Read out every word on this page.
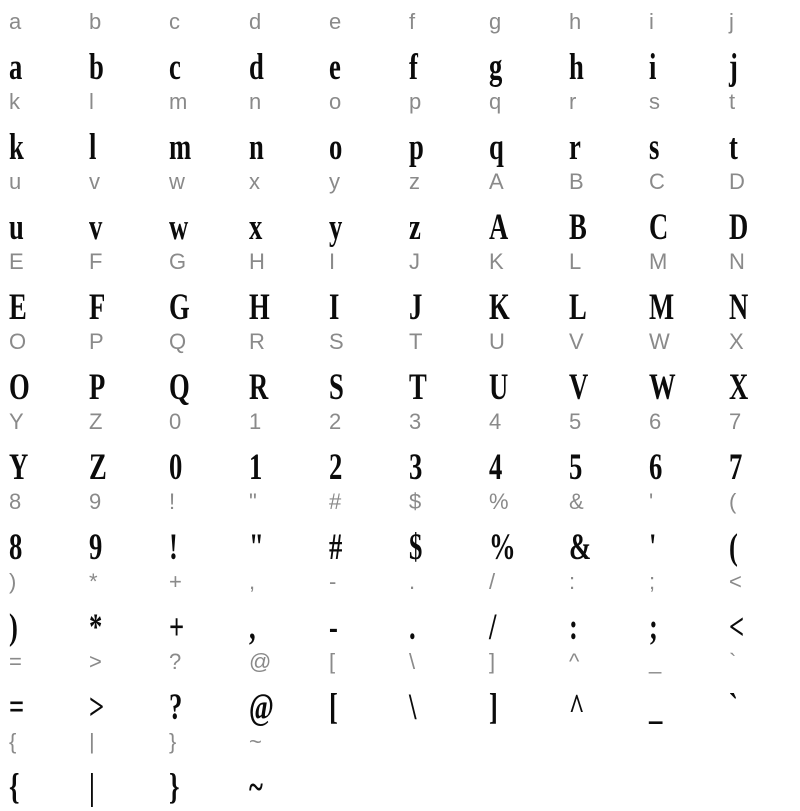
a
a
b
b
c
c
d
d
e
e
f
f
g
g
h
h
i
i
j
j
k
k
l
l
m
m
n
n
o
o
p
p
q
q
r
r
s
s
t
t
u
u
v
v
w
w
x
x
y
y
z
z
A
A
B
B
C
C
D
D
E
E
F
F
G
G
H
H
I
I
J
J
K
K
L
L
M
M
N
N
O
O
P
P
Q
Q
R
R
S
S
T
T
U
U
V
V
W
W
X
X
Y
Y
Z
Z
0
0
1
1
2
2
3
3
4
4
5
5
6
6
7
7
8
8
9
9
!
!
"
"
#
#
$
$
%
%
&
&
'
'
(
(
)
)
*
*
+
+
,
,
-
-
.
.
/
/
:
:
;
;
<
<
=
=
>
>
?
?
@
@
[
[
\
\
]
]
^
^
_
_
`
`
{
{
|
|
}
}
~
~
